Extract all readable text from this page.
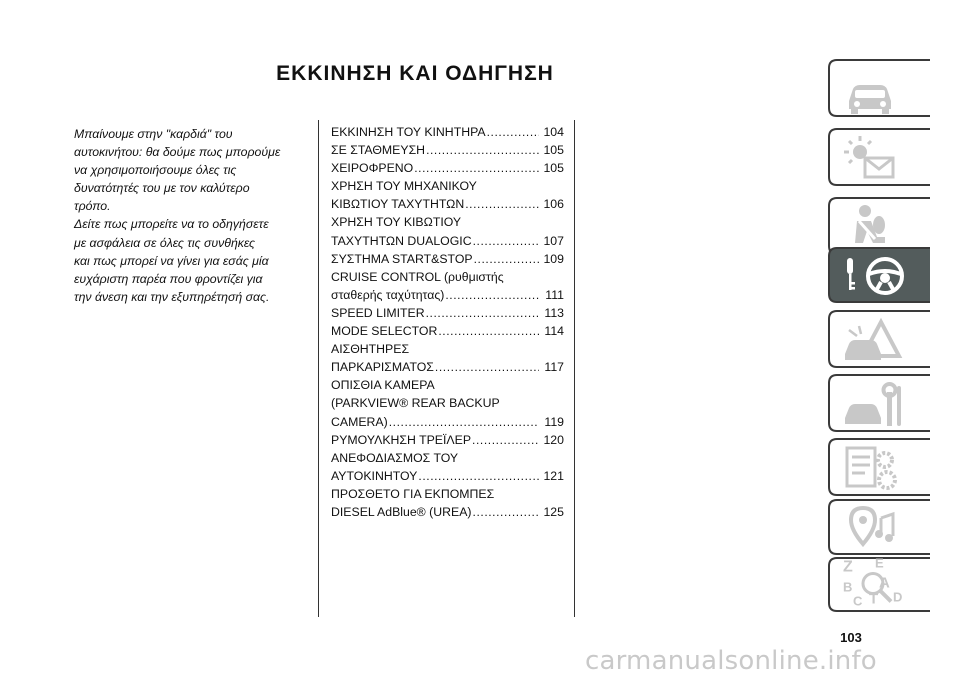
ΕΚΚΙΝΗΣΗ ΚΑΙ ΟΔΗΓΗΣΗ

Μπαίνουμε στην "καρδιά" του

αυτοκινήτου: θα δούμε πως μπορούμε

να χρησιμοποιήσουμε όλες τις

δυνατότητές του με τον καλύτερο

τρόπο.

Δείτε πως μπορείτε να το οδηγήσετε

με ασφάλεια σε όλες τις συνθήκες

και πως μπορεί να γίνει για εσάς μία

ευχάριστη παρέα που φροντίζει για

την άνεση και την εξυπηρέτησή σας.

ΕΚΚΙΝΗΣΗ ΤΟΥ ΚΙΝΗΤΗΡΑ .....	104
ΣΕ ΣΤΑΘΜΕΥΣΗ .....	105
ΧΕΙΡΟΦΡΕΝΟ .....	105
ΧΡΗΣΗ ΤΟΥ ΜΗΧΑΝΙΚΟΥ
ΚΙΒΩΤΙΟΥ ΤΑΧΥΤΗΤΩΝ .....	106
ΧΡΗΣΗ ΤΟΥ ΚΙΒΩΤΙΟΥ
ΤΑΧΥΤΗΤΩΝ DUALOGIC .....	107
ΣΥΣΤΗΜΑ START&STOP .....	109
CRUISE CONTROL (ρυθμιστής
σταθερής ταχύτητας) .....	111
SPEED LIMITER .....	113
MODE SELECTOR .....	114
ΑΙΣΘΗΤΗΡΕΣ
ΠΑΡΚΑΡΙΣΜΑΤΟΣ .....	117
ΟΠΙΣΘΙΑ ΚΑΜΕΡΑ
(PARKVIEW® REAR BACKUP
CAMERA) .....	119
ΡΥΜΟΥΛΚΗΣΗ ΤΡΕΪΛΕΡ .....	120
ΑΝΕΦΟΔΙΑΣΜΟΣ ΤΟΥ
ΑΥΤΟΚΙΝΗΤΟΥ .....	121
ΠΡΟΣΘΕΤΟ ΓΙΑ ΕΚΠΟΜΠΕΣ
DIESEL AdBlue® (UREA) .....	125
103
carmanualsonline.info
Z E
B A
C T D
